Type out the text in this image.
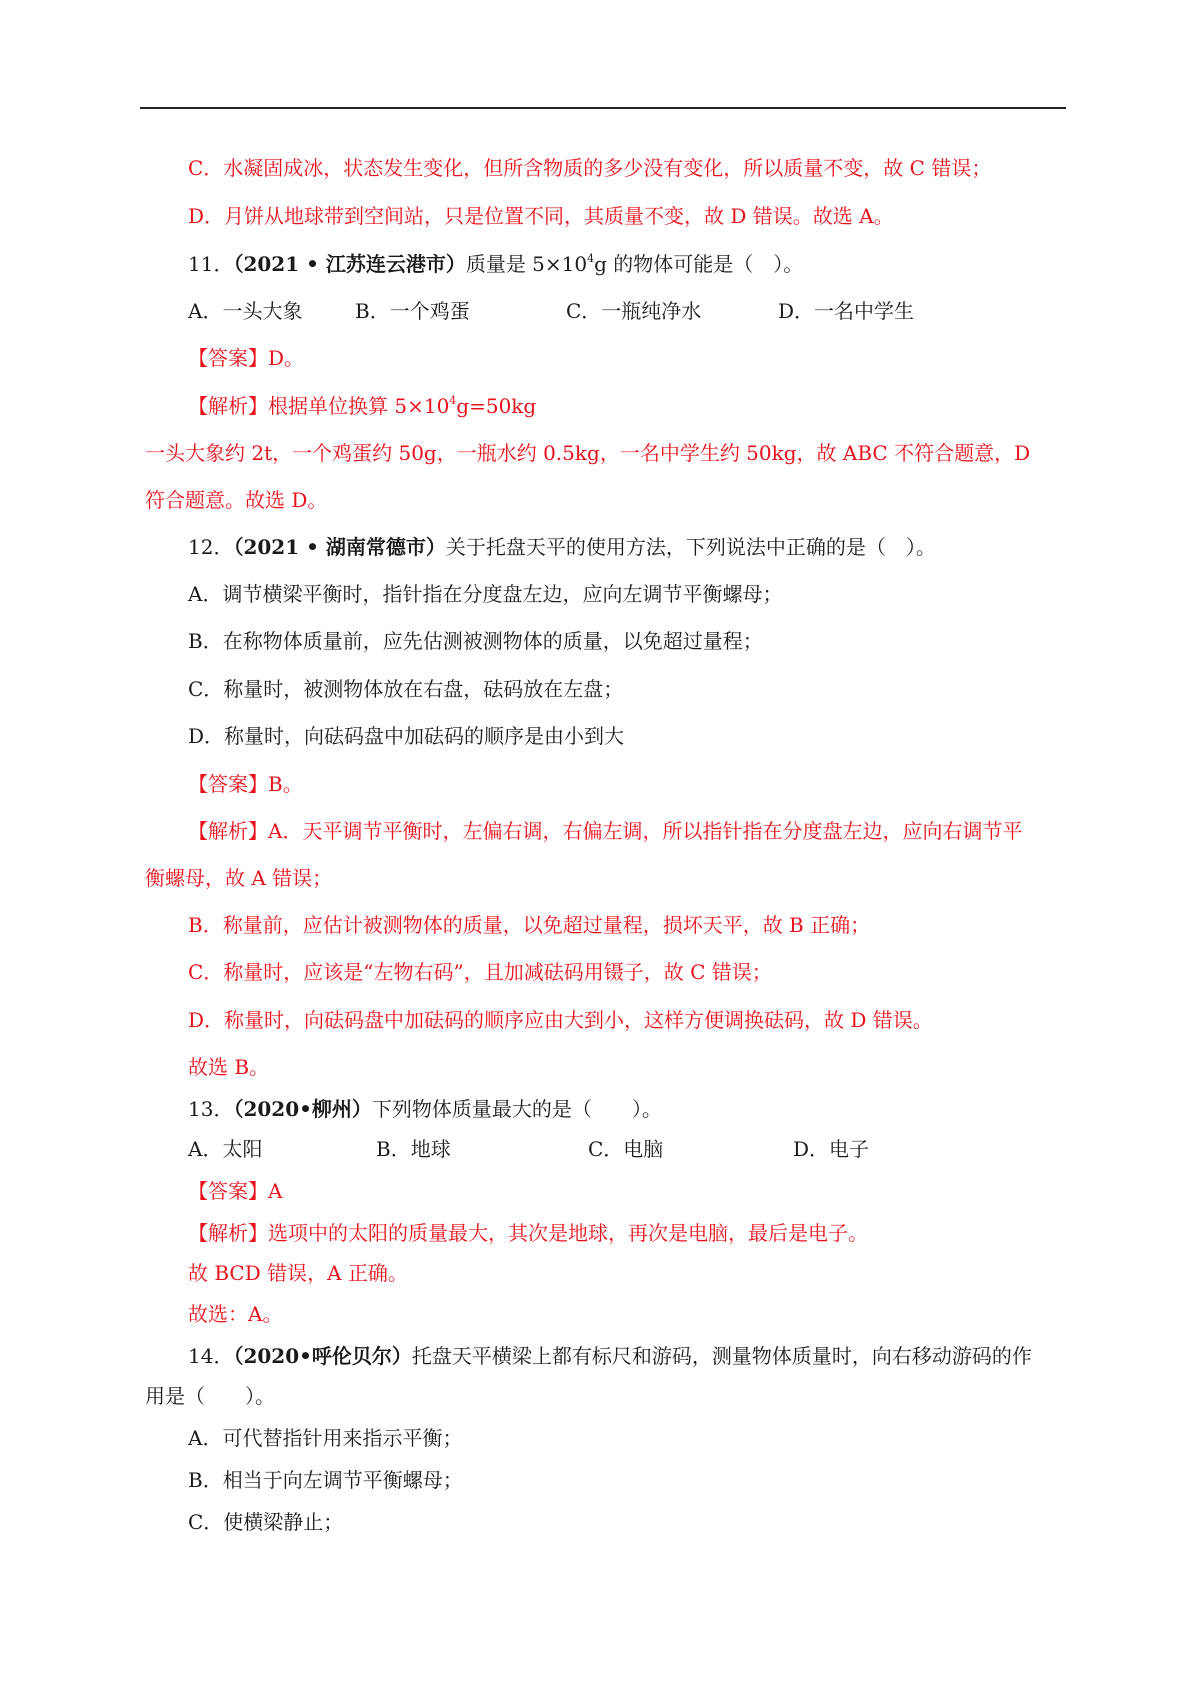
C．水凝固成冰，状态发生变化，但所含物质的多少没有变化，所以质量不变，故 C 错误；
D．月饼从地球带到空间站，只是位置不同，其质量不变，故 D 错误。故选 A。
11．（2021 • 江苏连云港市）质量是 $5\times 10^4g$ 的物体可能是（　）。
A．一头大象	B．一个鸡蛋	C．一瓶纯净水	D．一名中学生
【答案】D。
【解析】根据单位换算 $5\times 10^4g=50kg$
一头大象约 2t，一个鸡蛋约 50g，一瓶水约 0.5kg，一名中学生约 50kg，故 ABC 不符合题意，D
符合题意。故选 D。
12．（2021 • 湖南常德市）关于托盘天平的使用方法，下列说法中正确的是（　）。
A．调节横梁平衡时，指针指在分度盘左边，应向左调节平衡螺母；
B．在称物体质量前，应先估测被测物体的质量，以免超过量程；
C．称量时，被测物体放在右盘，砝码放在左盘；
D．称量时，向砝码盘中加砝码的顺序是由小到大
【答案】B。
【解析】A．天平调节平衡时，左偏右调，右偏左调，所以指针指在分度盘左边，应向右调节平
衡螺母，故 A 错误；
B．称量前，应估计被测物体的质量，以免超过量程，损坏天平，故 B 正确；
C．称量时，应该是“左物右码”，且加减砝码用镊子，故 C 错误；
D．称量时，向砝码盘中加砝码的顺序应由大到小，这样方便调换砝码，故 D 错误。
故选 B。
13．（2020•柳州）下列物体质量最大的是（　　）。
A．太阳	B．地球	C．电脑	D．电子
【答案】A
【解析】选项中的太阳的质量最大，其次是地球，再次是电脑，最后是电子。
故 BCD 错误，A 正确。
故选：A。
14．（2020•呼伦贝尔）托盘天平横梁上都有标尺和游码，测量物体质量时，向右移动游码的作
用是（　　）。
A．可代替指针用来指示平衡；
B．相当于向左调节平衡螺母；
C．使横梁静止；
